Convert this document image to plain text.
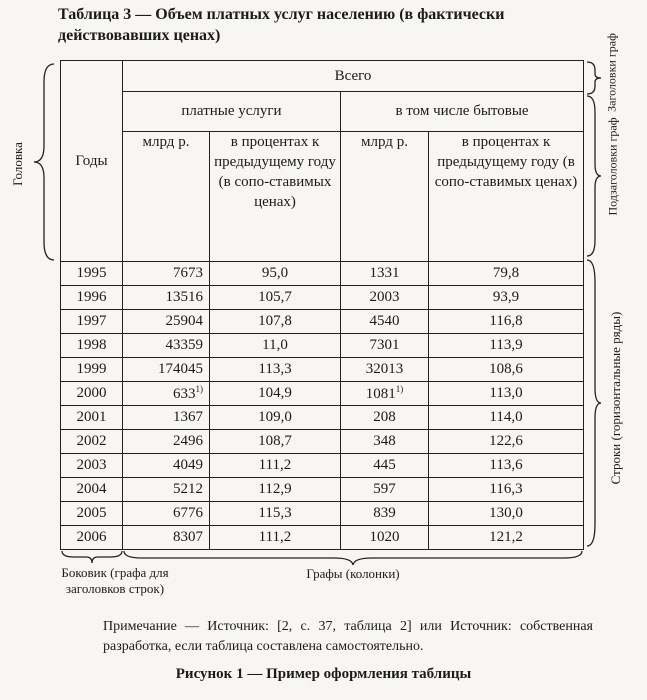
Таблица 3 — Объем платных услуг населению (в фактически действовавших ценах)
Годы	Всего			
	платные услуги		в том числе бытовые	
	млрд р.	в процентах к предыдущему году (в сопо-ставимых ценах)	млрд р.	в процентах к предыдущему году (в сопо-ставимых ценах)
1995	7673	95,0	1331	79,8
1996	13516	105,7	2003	93,9
1997	25904	107,8	4540	116,8
1998	43359	11,0	7301	113,9
1999	174045	113,3	32013	108,6
2000	633$^{1)}$	104,9	1081$^{1)}$	113,0
2001	1367	109,0	208	114,0
2002	2496	108,7	348	122,6
2003	4049	111,2	445	113,6
2004	5212	112,9	597	116,3
2005	6776	115,3	839	130,0
2006	8307	111,2	1020	121,2
Головка
Заголовки граф
Подзаголовки граф
Строки (горизонтальные ряды)
Боковик (графа для заголовков строк)
Графы (колонки)
Примечание — Источник: [2, с. 37, таблица 2] или Источник: собственная разработка, если таблица составлена самостоятельно.
Рисунок 1 — Пример оформления таблицы
